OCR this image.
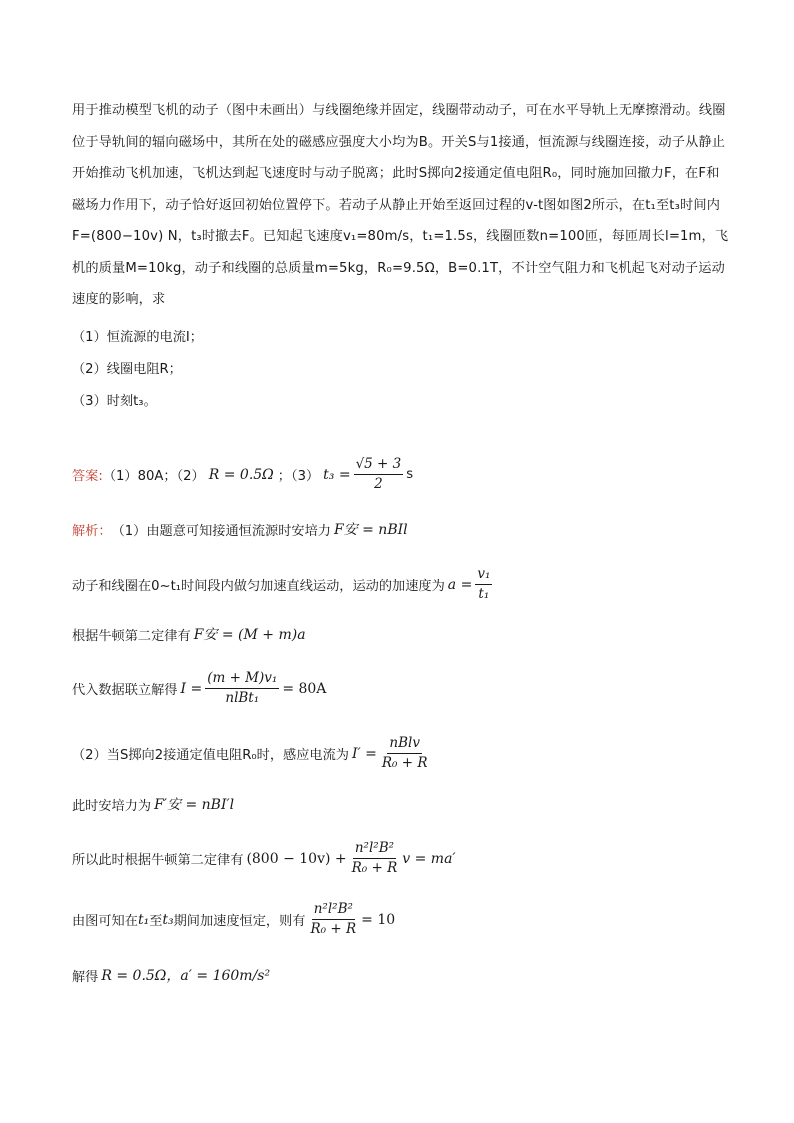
用于推动模型飞机的动子（图中未画出）与线圈绝缘并固定，线圈带动动子，可在水平导轨上无摩擦滑动。线圈位于导轨间的辐向磁场中，其所在处的磁感应强度大小均为B。开关S与1接通，恒流源与线圈连接，动子从静止开始推动飞机加速，飞机达到起飞速度时与动子脱离；此时S掷向2接通定值电阻R₀，同时施加回撤力F，在F和磁场力作用下，动子恰好返回初始位置停下。若动子从静止开始至返回过程的v-t图如图2所示，在t₁至t₃时间内F=(800−10v) N，t₃时撤去F。已知起飞速度v₁=80m/s，t₁=1.5s，线圈匝数n=100匝，每匝周长l=1m，飞机的质量M=10kg，动子和线圈的总质量m=5kg，R₀=9.5Ω，B=0.1T，不计空气阻力和飞机起飞对动子运动速度的影响，求
（1）恒流源的电流I；
（2）线圈电阻R；
（3）时刻t₃。
答案: （1）80A；（2） R = 0.5Ω ；（3） $t_3 = \frac{√5 + 3}{2}$ s
解析： （1）由题意可知接通恒流源时安培力 F安 = nBIl
动子和线圈在0~t₁时间段内做匀加速直线运动，运动的加速度为 $a = \frac{\text{v₁}}{\text{t₁}}$
根据牛顿第二定律有 F安 = (M + m)a
代入数据联立解得 $I = \frac{\text{(m + M)v₁}}{\text{nlBt₁}} = 80A$
（2）当S掷向2接通定值电阻R₀时，感应电流为 $I' = \frac{\text{nBlv}}{\text{R₀ + R}}$
此时安培力为 F′安 = nBI′l
所以此时根据牛顿第二定律有 $(800 - 10v) + \frac{\text{n²l²B²}}{\text{R₀ + R}}$ v = ma′
由图可知在 t₁ 至 t₃ 期间加速度恒定，则有 $\frac{\text{n²l²B²}}{\text{R₀ + R}} = 10$
解得 R = 0.5Ω，a′ = 160m/s²
